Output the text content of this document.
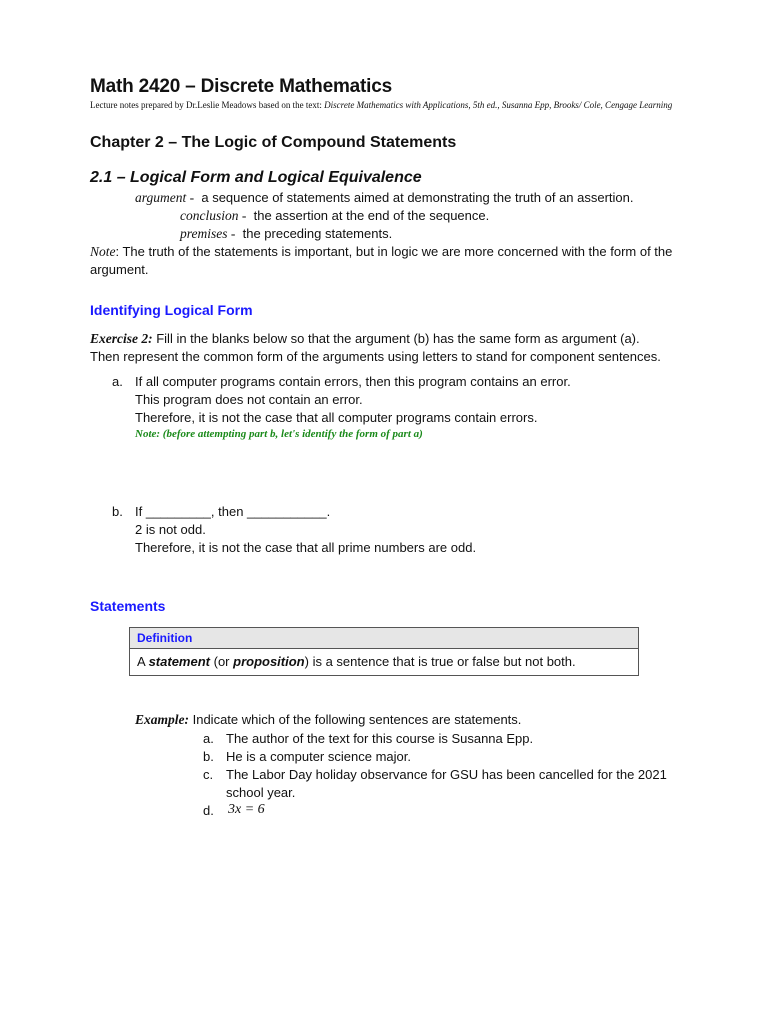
Math 2420 – Discrete Mathematics
Lecture notes prepared by Dr.Leslie Meadows based on the text: Discrete Mathematics with Applications, 5th ed., Susanna Epp, Brooks/ Cole, Cengage Learning
Chapter 2 – The Logic of Compound Statements
2.1 – Logical Form and Logical Equivalence
argument - a sequence of statements aimed at demonstrating the truth of an assertion.
conclusion - the assertion at the end of the sequence.
premises - the preceding statements.
Note: The truth of the statements is important, but in logic we are more concerned with the form of the
argument.
Identifying Logical Form
Exercise 2: Fill in the blanks below so that the argument (b) has the same form as argument (a).
Then represent the common form of the arguments using letters to stand for component sentences.
a. If all computer programs contain errors, then this program contains an error.
This program does not contain an error.
Therefore, it is not the case that all computer programs contain errors.
Note: (before attempting part b, let's identify the form of part a)
b. If _________, then ___________.
2 is not odd.
Therefore, it is not the case that all prime numbers are odd.
Statements
Definition
A statement (or proposition) is a sentence that is true or false but not both.
Example: Indicate which of the following sentences are statements.
a. The author of the text for this course is Susanna Epp.
b. He is a computer science major.
c. The Labor Day holiday observance for GSU has been cancelled for the 2021
school year.
d. 3x = 6
